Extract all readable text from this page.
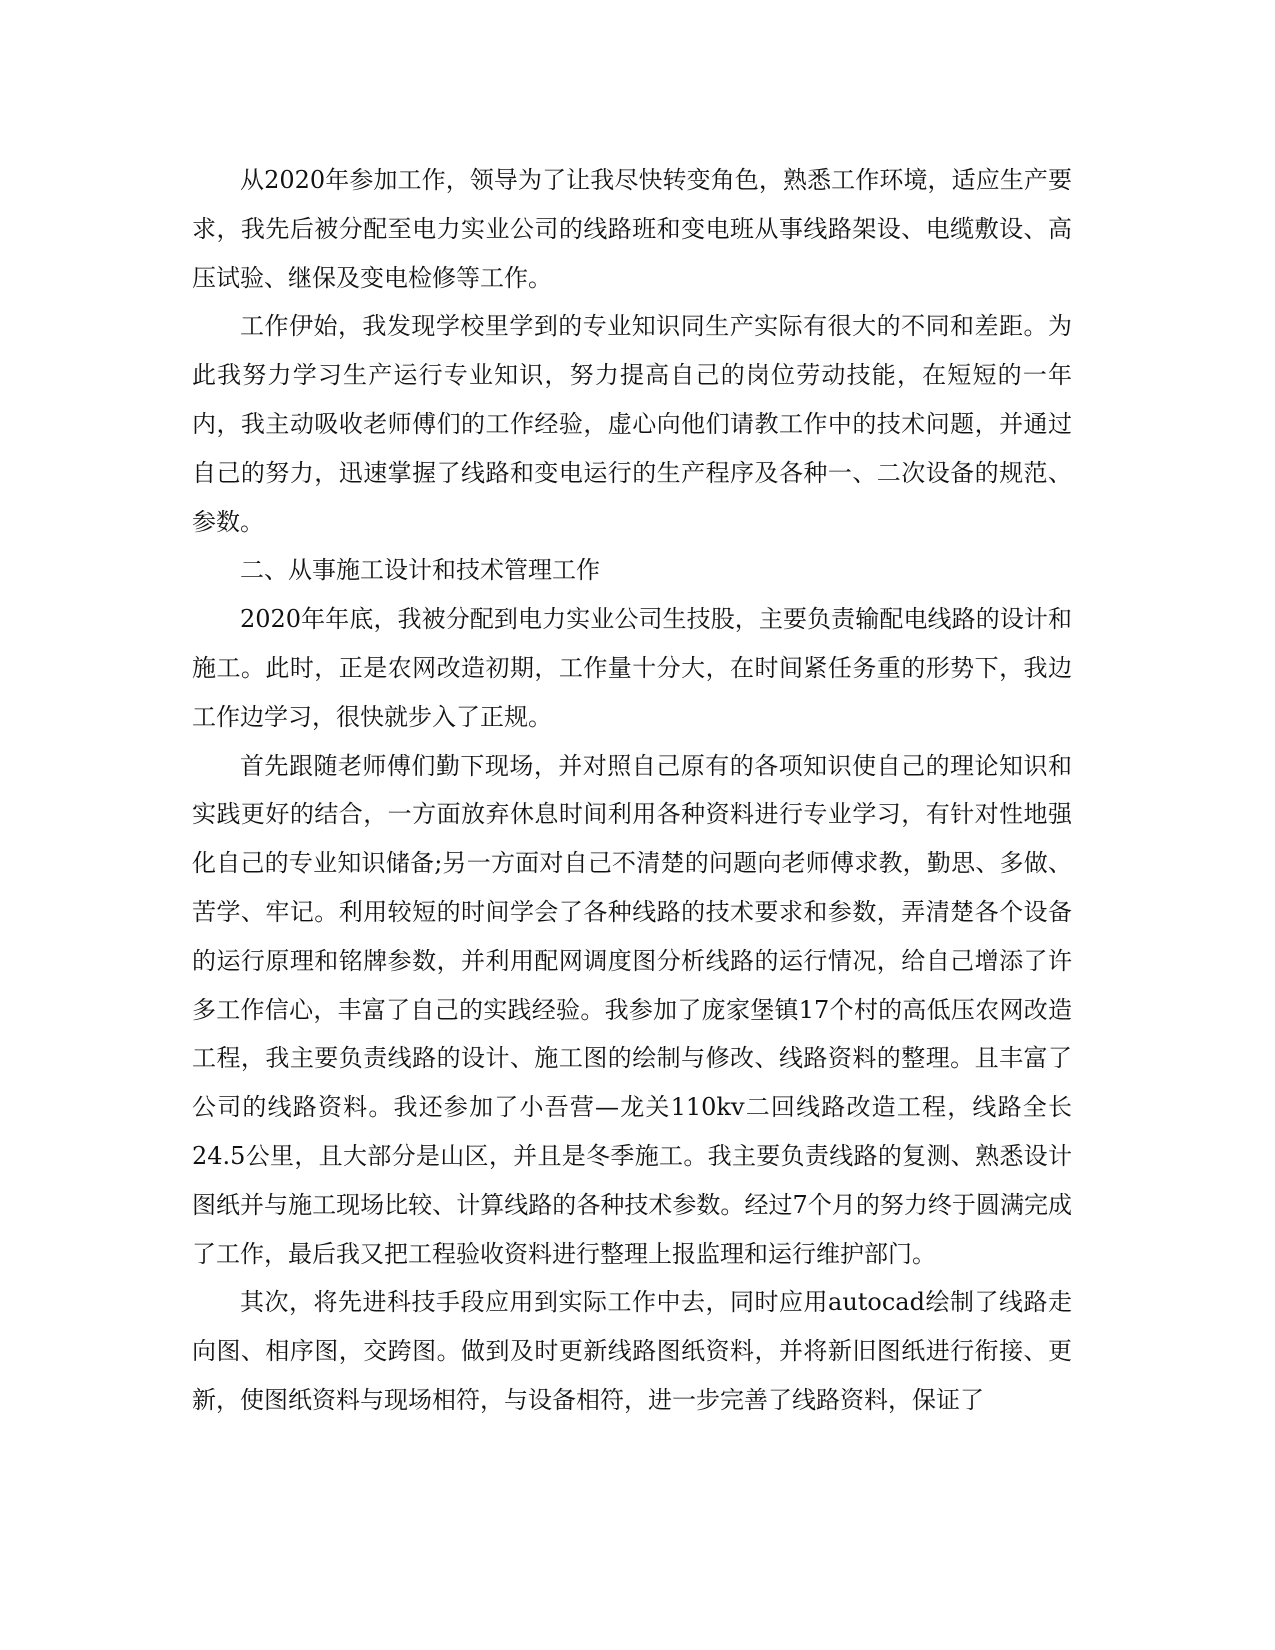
从2020年参加工作，领导为了让我尽快转变角色，熟悉工作环境，适应生产要求，我先后被分配至电力实业公司的线路班和变电班从事线路架设、电缆敷设、高压试验、继保及变电检修等工作。

工作伊始，我发现学校里学到的专业知识同生产实际有很大的不同和差距。为此我努力学习生产运行专业知识，努力提高自己的岗位劳动技能，在短短的一年内，我主动吸收老师傅们的工作经验，虚心向他们请教工作中的技术问题，并通过自己的努力，迅速掌握了线路和变电运行的生产程序及各种一、二次设备的规范、参数。

二、从事施工设计和技术管理工作

2020年年底，我被分配到电力实业公司生技股，主要负责输配电线路的设计和施工。此时，正是农网改造初期，工作量十分大，在时间紧任务重的形势下，我边工作边学习，很快就步入了正规。

首先跟随老师傅们勤下现场，并对照自己原有的各项知识使自己的理论知识和实践更好的结合，一方面放弃休息时间利用各种资料进行专业学习，有针对性地强化自己的专业知识储备;另一方面对自己不清楚的问题向老师傅求教，勤思、多做、苦学、牢记。利用较短的时间学会了各种线路的技术要求和参数，弄清楚各个设备的运行原理和铭牌参数，并利用配网调度图分析线路的运行情况，给自己增添了许多工作信心，丰富了自己的实践经验。我参加了庞家堡镇17个村的高低压农网改造工程，我主要负责线路的设计、施工图的绘制与修改、线路资料的整理。且丰富了公司的线路资料。我还参加了小吾营—龙关110kv二回线路改造工程，线路全长24.5公里，且大部分是山区，并且是冬季施工。我主要负责线路的复测、熟悉设计图纸并与施工现场比较、计算线路的各种技术参数。经过7个月的努力终于圆满完成了工作，最后我又把工程验收资料进行整理上报监理和运行维护部门。

其次，将先进科技手段应用到实际工作中去，同时应用autocad绘制了线路走向图、相序图，交跨图。做到及时更新线路图纸资料，并将新旧图纸进行衔接、更新，使图纸资料与现场相符，与设备相符，进一步完善了线路资料，保证了
